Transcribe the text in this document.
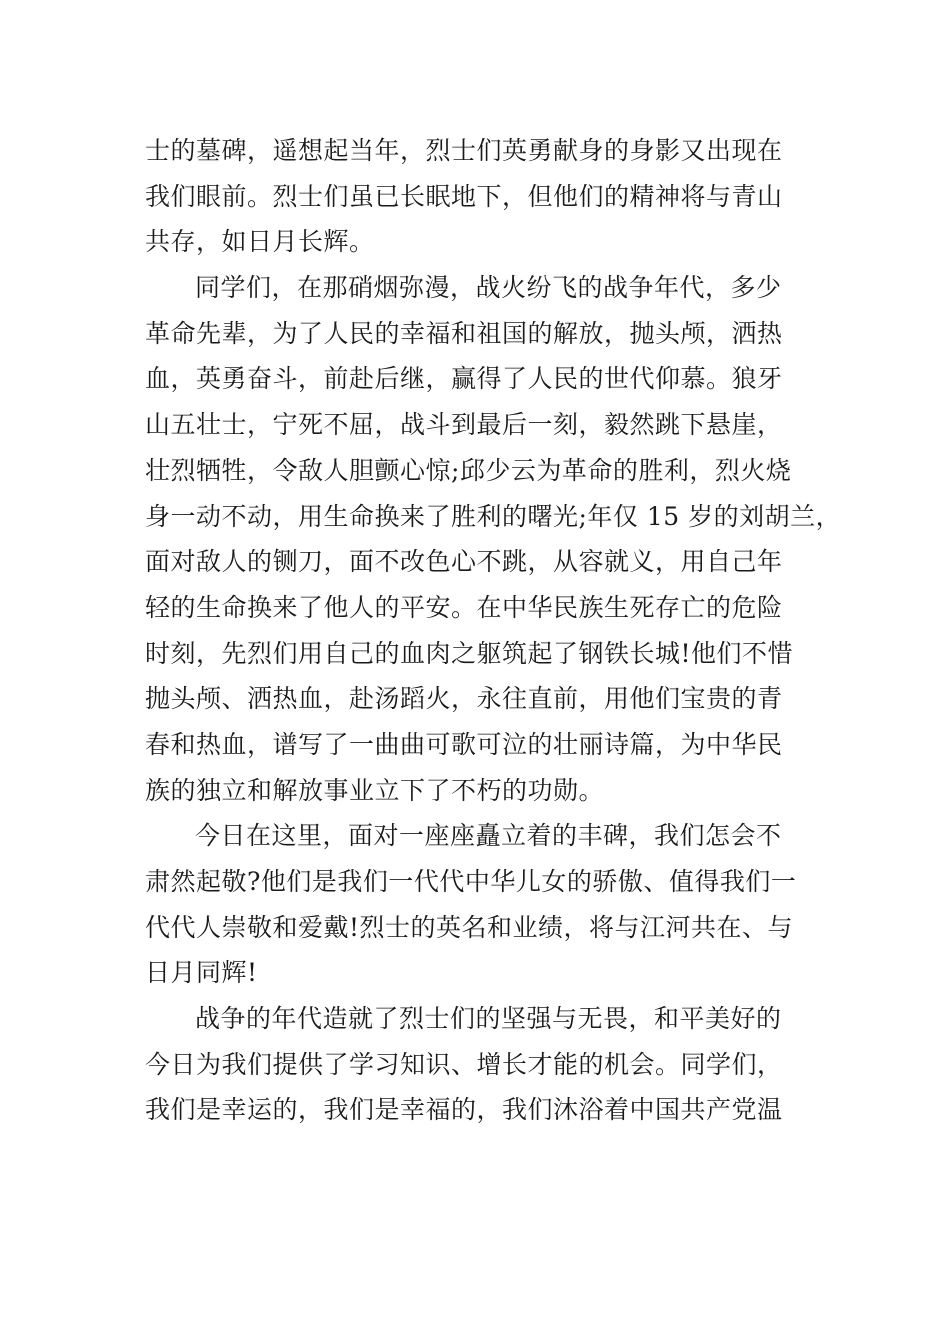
士的墓碑，遥想起当年，烈士们英勇献身的身影又出现在
我们眼前。烈士们虽已长眠地下，但他们的精神将与青山
共存，如日月长辉。
同学们，在那硝烟弥漫，战火纷飞的战争年代，多少
革命先辈，为了人民的幸福和祖国的解放，抛头颅，洒热
血，英勇奋斗，前赴后继，赢得了人民的世代仰慕。狼牙
山五壮士，宁死不屈，战斗到最后一刻，毅然跳下悬崖，
壮烈牺牲，令敌人胆颤心惊;邱少云为革命的胜利，烈火烧
身一动不动，用生命换来了胜利的曙光;年仅 15 岁的刘胡兰，
面对敌人的铡刀，面不改色心不跳，从容就义，用自己年
轻的生命换来了他人的平安。在中华民族生死存亡的危险
时刻，先烈们用自己的血肉之躯筑起了钢铁长城!他们不惜
抛头颅、洒热血，赴汤蹈火，永往直前，用他们宝贵的青
春和热血，谱写了一曲曲可歌可泣的壮丽诗篇，为中华民
族的独立和解放事业立下了不朽的功勋。
今日在这里，面对一座座矗立着的丰碑，我们怎会不
肃然起敬?他们是我们一代代中华儿女的骄傲、值得我们一
代代人崇敬和爱戴!烈士的英名和业绩，将与江河共在、与
日月同辉!
战争的年代造就了烈士们的坚强与无畏，和平美好的
今日为我们提供了学习知识、增长才能的机会。同学们，
我们是幸运的，我们是幸福的，我们沐浴着中国共产党温
